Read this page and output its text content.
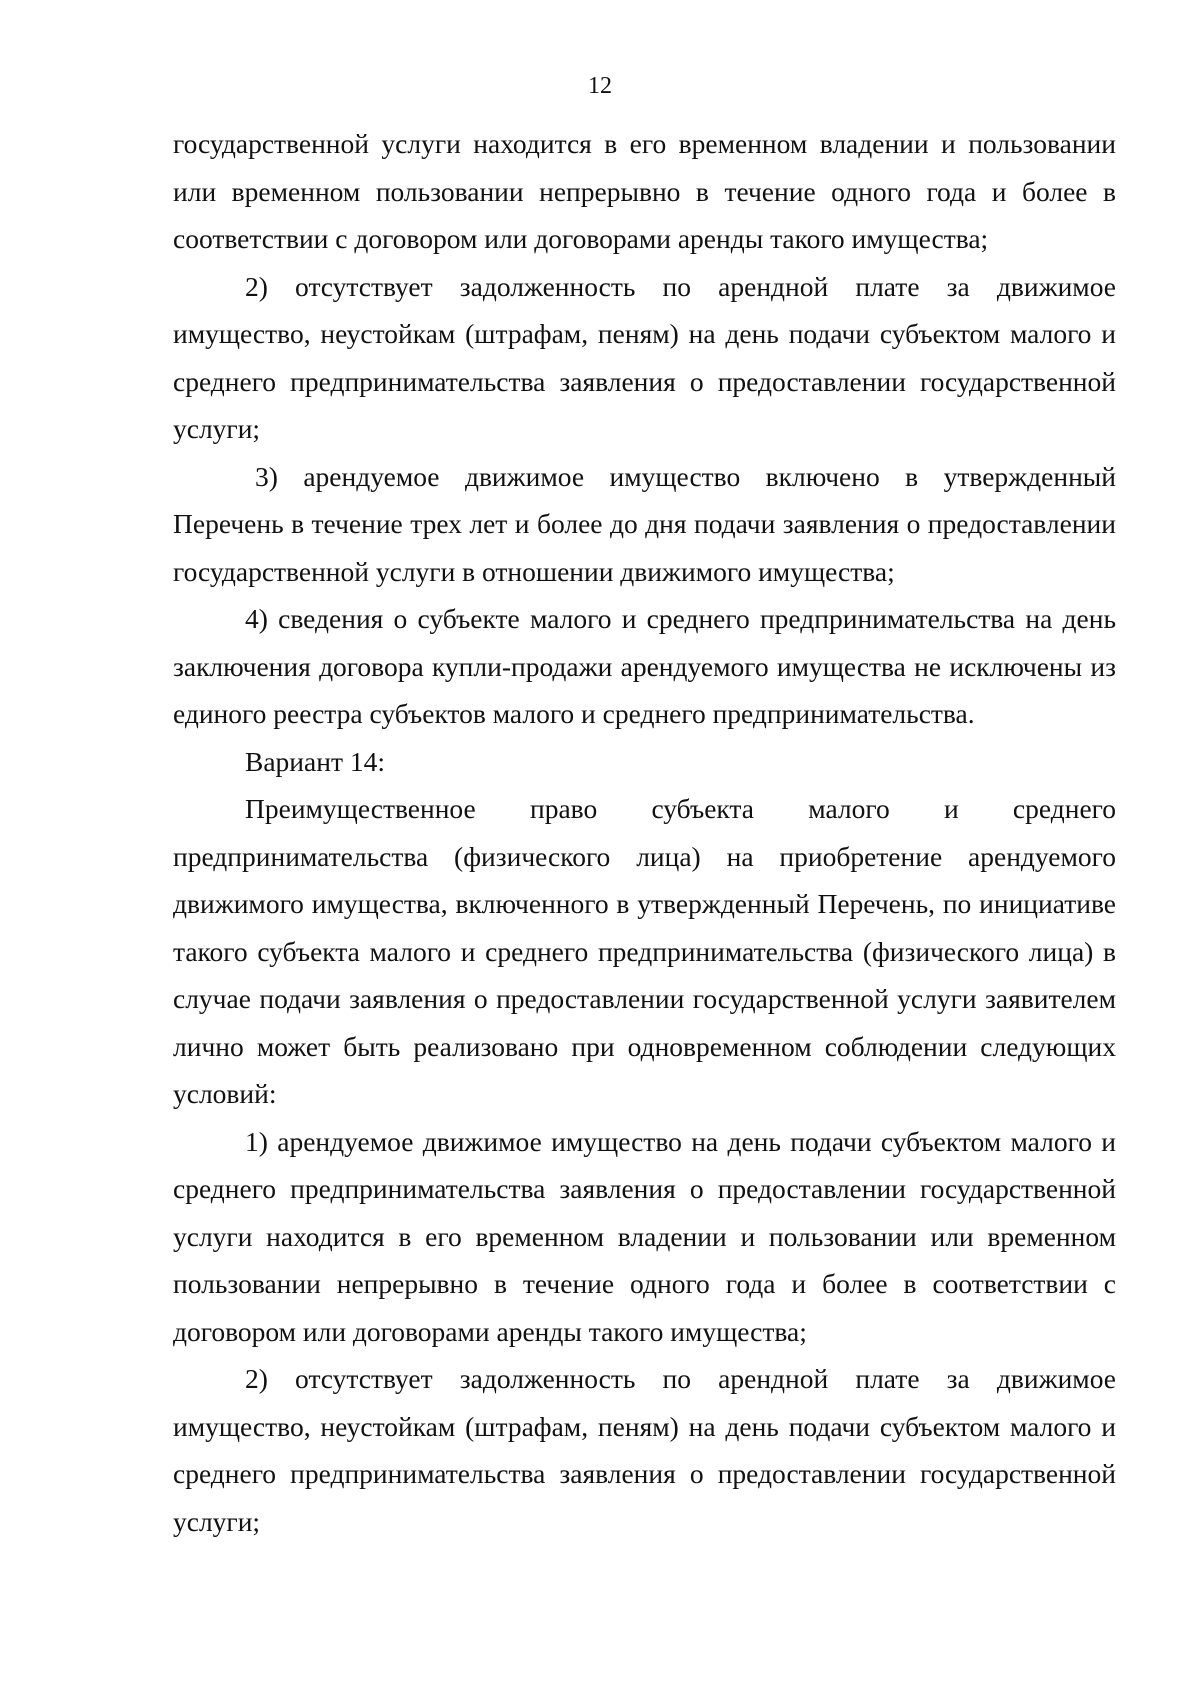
12

государственной услуги находится в его временном владении и пользовании или временном пользовании непрерывно в течение одного года и более в соответствии с договором или договорами аренды такого имущества;

2) отсутствует задолженность по арендной плате за движимое имущество, неустойкам (штрафам, пеням) на день подачи субъектом малого и среднего предпринимательства заявления о предоставлении государственной услуги;

3) арендуемое движимое имущество включено в утвержденный Перечень в течение трех лет и более до дня подачи заявления о предоставлении государственной услуги в отношении движимого имущества;

4) сведения о субъекте малого и среднего предпринимательства на день заключения договора купли-продажи арендуемого имущества не исключены из единого реестра субъектов малого и среднего предпринимательства.

Вариант 14:

Преимущественное право субъекта малого и среднего предпринимательства (физического лица) на приобретение арендуемого движимого имущества, включенного в утвержденный Перечень, по инициативе такого субъекта малого и среднего предпринимательства (физического лица) в случае подачи заявления о предоставлении государственной услуги заявителем лично может быть реализовано при одновременном соблюдении следующих условий:

1) арендуемое движимое имущество на день подачи субъектом малого и среднего предпринимательства заявления о предоставлении государственной услуги находится в его временном владении и пользовании или временном пользовании непрерывно в течение одного года и более в соответствии с договором или договорами аренды такого имущества;

2) отсутствует задолженность по арендной плате за движимое имущество, неустойкам (штрафам, пеням) на день подачи субъектом малого и среднего предпринимательства заявления о предоставлении государственной услуги;
